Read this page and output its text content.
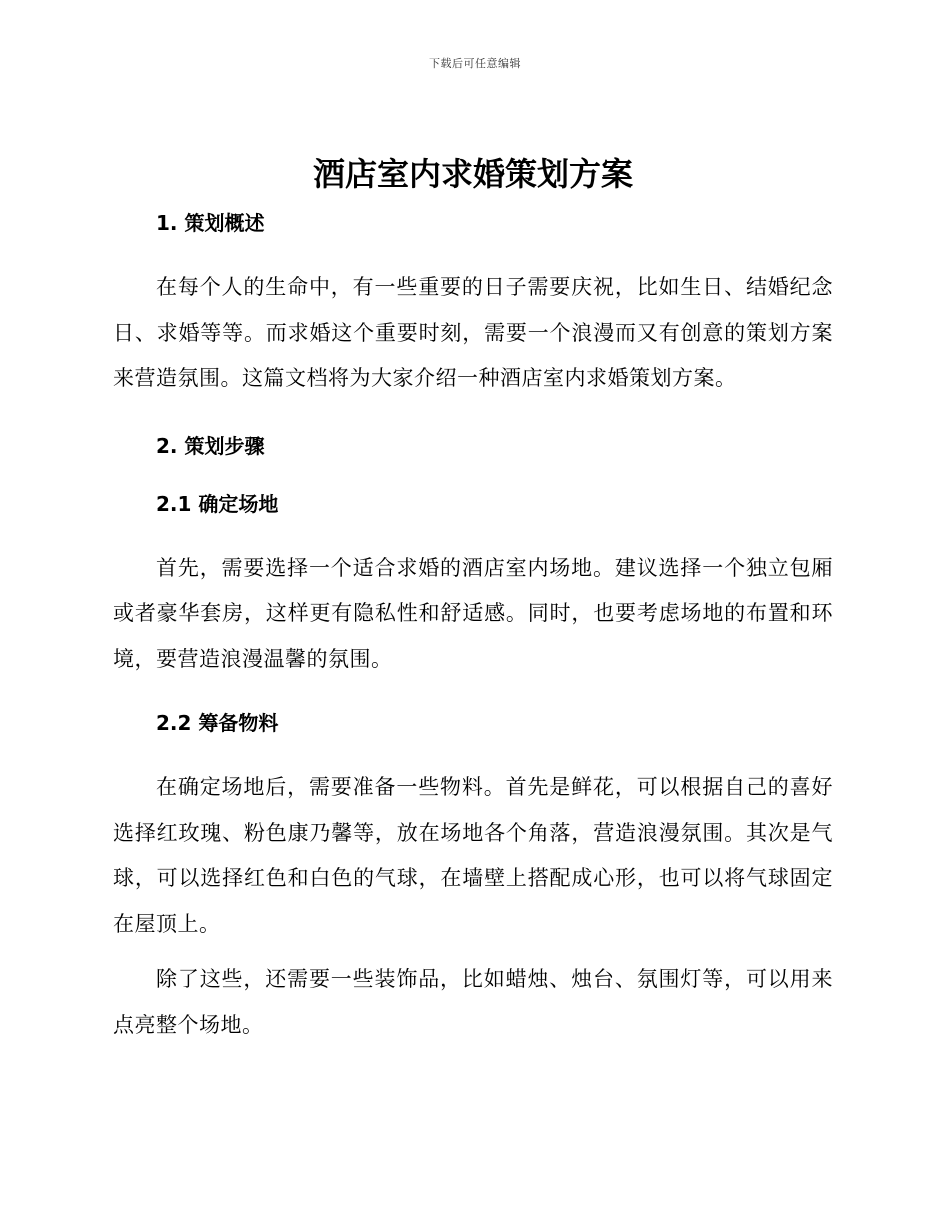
下载后可任意编辑
酒店室内求婚策划方案
1. 策划概述

在每个人的生命中，有一些重要的日子需要庆祝，比如生日、结婚纪念日、求婚等等。而求婚这个重要时刻，需要一个浪漫而又有创意的策划方案来营造氛围。这篇文档将为大家介绍一种酒店室内求婚策划方案。

2. 策划步骤
2.1 确定场地

首先，需要选择一个适合求婚的酒店室内场地。建议选择一个独立包厢或者豪华套房，这样更有隐私性和舒适感。同时，也要考虑场地的布置和环境，要营造浪漫温馨的氛围。

2.2 筹备物料

在确定场地后，需要准备一些物料。首先是鲜花，可以根据自己的喜好选择红玫瑰、粉色康乃馨等，放在场地各个角落，营造浪漫氛围。其次是气球，可以选择红色和白色的气球，在墙壁上搭配成心形，也可以将气球固定在屋顶上。

除了这些，还需要一些装饰品，比如蜡烛、烛台、氛围灯等，可以用来点亮整个场地。
